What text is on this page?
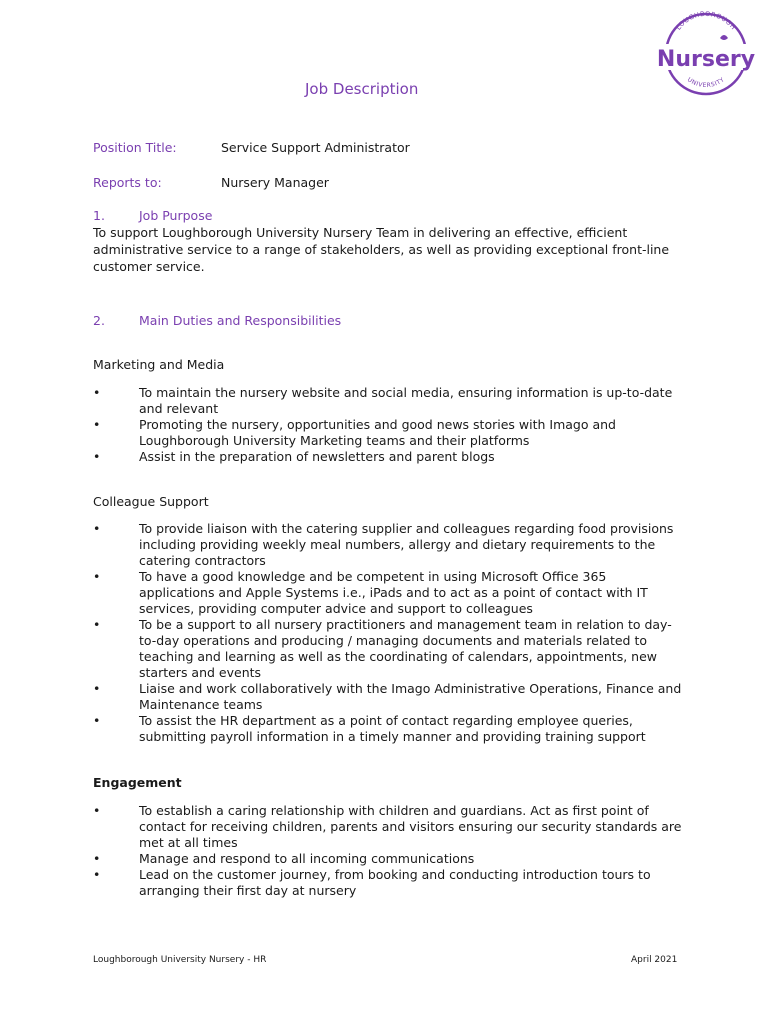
LOUGHBOROUGH
Nursery
UNIVERSITY
Job Description
Position Title:	Service Support Administrator
Reports to:	Nursery Manager
1.	Job Purpose
To support Loughborough University Nursery Team in delivering an effective, efficient administrative service to a range of stakeholders, as well as providing exceptional front-line customer service.
2.	Main Duties and Responsibilities
Marketing and Media
•	To maintain the nursery website and social media, ensuring information is up-to-date and relevant
•	Promoting the nursery, opportunities and good news stories with Imago and Loughborough University Marketing teams and their platforms
•	Assist in the preparation of newsletters and parent blogs
Colleague Support
•	To provide liaison with the catering supplier and colleagues regarding food provisions including providing weekly meal numbers, allergy and dietary requirements to the catering contractors
•	To have a good knowledge and be competent in using Microsoft Office 365 applications and Apple Systems i.e., iPads and to act as a point of contact with IT services, providing computer advice and support to colleagues
•	To be a support to all nursery practitioners and management team in relation to day-to-day operations and producing / managing documents and materials related to teaching and learning as well as the coordinating of calendars, appointments, new starters and events
•	Liaise and work collaboratively with the Imago Administrative Operations, Finance and Maintenance teams
•	To assist the HR department as a point of contact regarding employee queries, submitting payroll information in a timely manner and providing training support
Engagement
•	To establish a caring relationship with children and guardians. Act as first point of contact for receiving children, parents and visitors ensuring our security standards are met at all times
•	Manage and respond to all incoming communications
•	Lead on the customer journey, from booking and conducting introduction tours to arranging their first day at nursery
Loughborough University Nursery - HR	April 2021
